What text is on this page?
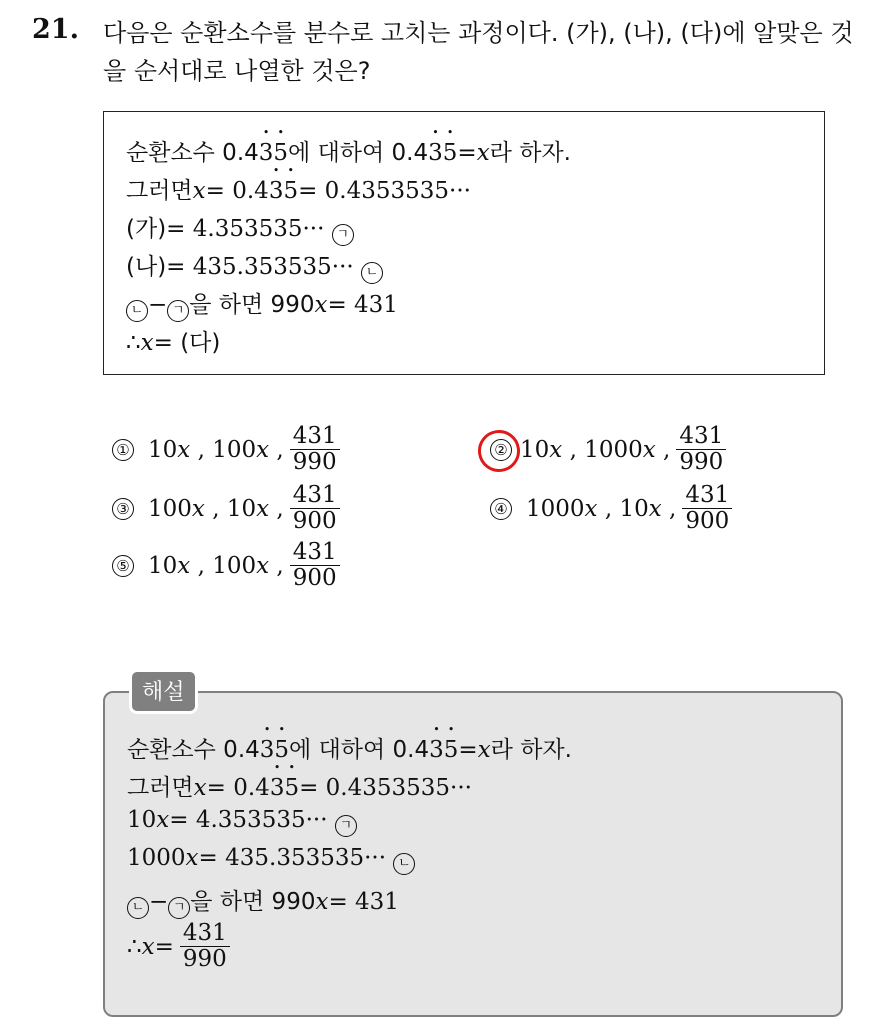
21. 다음은 순환소수를 분수로 고치는 과정이다. (가), (나), (다)에 알맞은 것을 순서대로 나열한 것은?
순환소수 0.4 • 3 • 5 에 대하여 0.4 • 3 • 5 = x 라 하자.
그러면 x = 0.4 • 3 • 5 = 0.4353535···
(가) = 4.353535···
ㄱ
(나) = 435.353535···
ㄴ
ㄴ − ㄱ 을 하면 990 x = 431
∴ x = (다)
① 10 x , 100 x , $\frac{431}{990}$	② 10 x , 1000 x , $\frac{431}{990}$
③ 100 x , 10 x , $\frac{431}{900}$	④ 1000 x , 10 x , $\frac{431}{900}$
⑤ 10 x , 100 x , $\frac{431}{900}$
순환소수 0.4 • 3 • 5 에 대하여 0.4 • 3 • 5 = x 라 하자.
그러면 x = 0.4 • 3 • 5 = 0.4353535···
10 x = 4.353535···
ㄱ
1000 x = 435.353535···
ㄴ
ㄴ − ㄱ 을 하면 990 x = 431
∴ $x = \frac{431}{990}$
해설
